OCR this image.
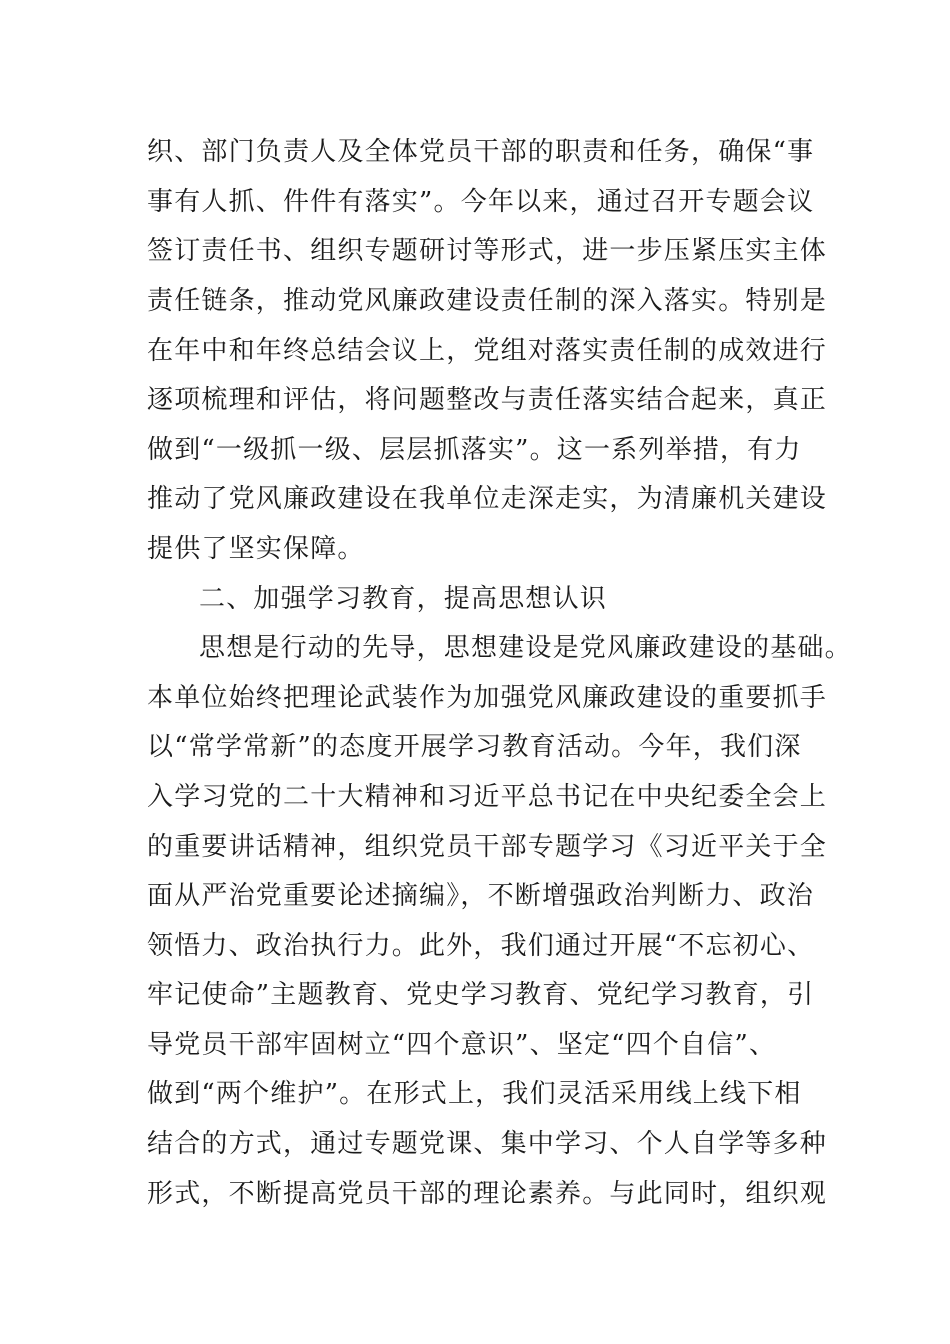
织、部门负责人及全体党员干部的职责和任务，确保“事
事有人抓、件件有落实”。今年以来，通过召开专题会议
签订责任书、组织专题研讨等形式，进一步压紧压实主体
责任链条，推动党风廉政建设责任制的深入落实。特别是
在年中和年终总结会议上，党组对落实责任制的成效进行
逐项梳理和评估，将问题整改与责任落实结合起来，真正
做到“一级抓一级、层层抓落实”。这一系列举措，有力
推动了党风廉政建设在我单位走深走实，为清廉机关建设
提供了坚实保障。
二、加强学习教育，提高思想认识
思想是行动的先导，思想建设是党风廉政建设的基础。
本单位始终把理论武装作为加强党风廉政建设的重要抓手
以“常学常新”的态度开展学习教育活动。今年，我们深
入学习党的二十大精神和习近平总书记在中央纪委全会上
的重要讲话精神，组织党员干部专题学习《习近平关于全
面从严治党重要论述摘编》，不断增强政治判断力、政治
领悟力、政治执行力。此外，我们通过开展“不忘初心、
牢记使命”主题教育、党史学习教育、党纪学习教育，引
导党员干部牢固树立“四个意识”、坚定“四个自信”、
做到“两个维护”。在形式上，我们灵活采用线上线下相
结合的方式，通过专题党课、集中学习、个人自学等多种
形式，不断提高党员干部的理论素养。与此同时，组织观
